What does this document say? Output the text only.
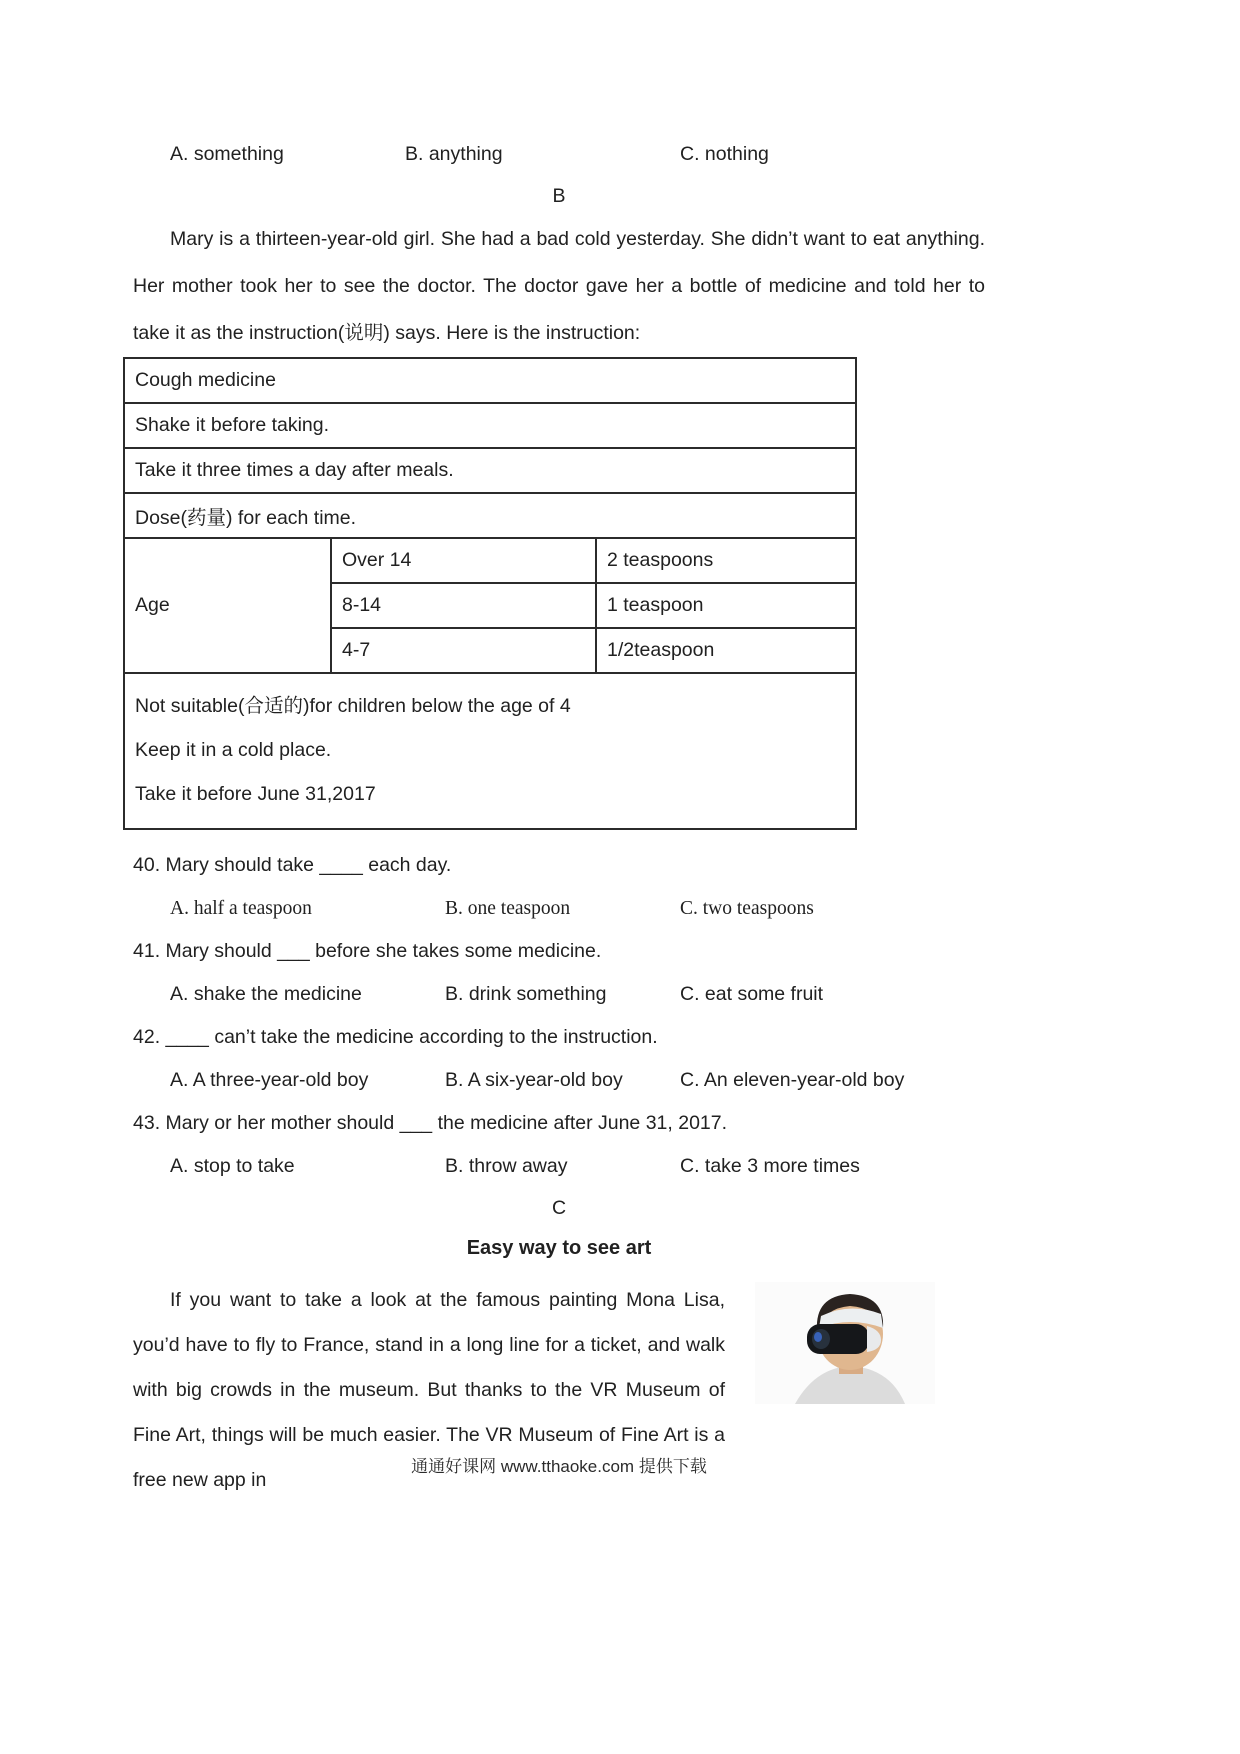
A. something	B. anything	C. nothing
B

Mary is a thirteen-year-old girl. She had a bad cold yesterday. She didn’t want to eat anything. Her mother took her to see the doctor. The doctor gave her a bottle of medicine and told her to take it as the instruction(说明) says. Here is the instruction:

Cough medicine		
Shake it before taking.		
Take it three times a day after meals.		
Dose(药量) for each time.		
Age	Over 14	2 teaspoons
	8-14	1 teaspoon
	4-7	1/2teaspoon

Not suitable(合适的)for children below the age of 4
Keep it in a cold place.
Take it before June 31,2017		
40. Mary should take ____ each day.
A. half a teaspoon	B. one teaspoon	C. two teaspoons
41. Mary should ___ before she takes some medicine.
A. shake the medicine	B. drink something	C. eat some fruit
42. ____ can’t take the medicine according to the instruction.
A. A three-year-old boy	B. A six-year-old boy	C. An eleven-year-old boy
43. Mary or her mother should ___ the medicine after June 31, 2017.
A. stop to take	B. throw away	C. take 3 more times
C
Easy way to see art

If you want to take a look at the famous painting Mona Lisa, you’d have to fly to France, stand in a long line for a ticket, and walk with big crowds in the museum. But thanks to the VR Museum of Fine Art, things will be much easier. The VR Museum of Fine Art is a free new app in

通通好课网 www.tthaoke.com 提供下载
